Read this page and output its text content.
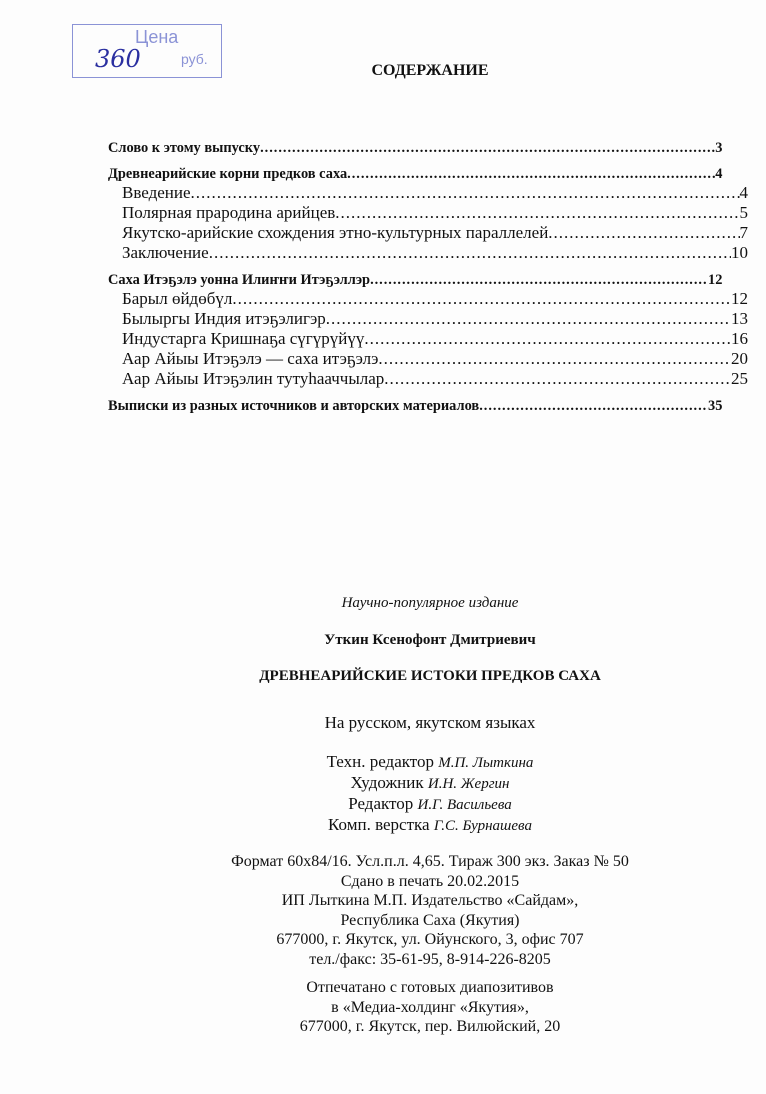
Цена
360	руб.
СОДЕРЖАНИЕ
Слово к этому выпуску .....	3
Древнеарийские корни предков саха .....	4
Введение .....	4
Полярная прародина арийцев .....	5
Якутско-арийские схождения этно-культурных параллелей .....	7
Заключение .....	10
Саха Итэҕэлэ уонна Илиҥҥи Итэҕэллэр .....	12
Барыл өйдөбүл .....	12
Былыргы Индия итэҕэлигэр .....	13
Индустарга Кришнаҕа сүгүрүйүү .....	16
Аар Айыы Итэҕэлэ — саха итэҕэлэ .....	20
Аар Айыы Итэҕэлин тутуһааччылар .....	25
Выписки из разных источников и авторских материалов .....	35
Научно-популярное издание
Уткин Ксенофонт Дмитриевич
ДРЕВНЕАРИЙСКИЕ ИСТОКИ ПРЕДКОВ САХА
На русском, якутском языках
Техн. редактор М.П. Лыткина
Художник И.Н. Жергин
Редактор И.Г. Васильева
Комп. верстка Г.С. Бурнашева
Формат 60x84/16. Усл.п.л. 4,65. Тираж 300 экз. Заказ № 50
Сдано в печать 20.02.2015
ИП Лыткина М.П. Издательство «Сайдам»,
Республика Саха (Якутия)
677000, г. Якутск, ул. Ойунского, 3, офис 707
тел./факс: 35-61-95, 8-914-226-8205
Отпечатано с готовых диапозитивов
в «Медиа-холдинг «Якутия»,
677000, г. Якутск, пер. Вилюйский, 20
